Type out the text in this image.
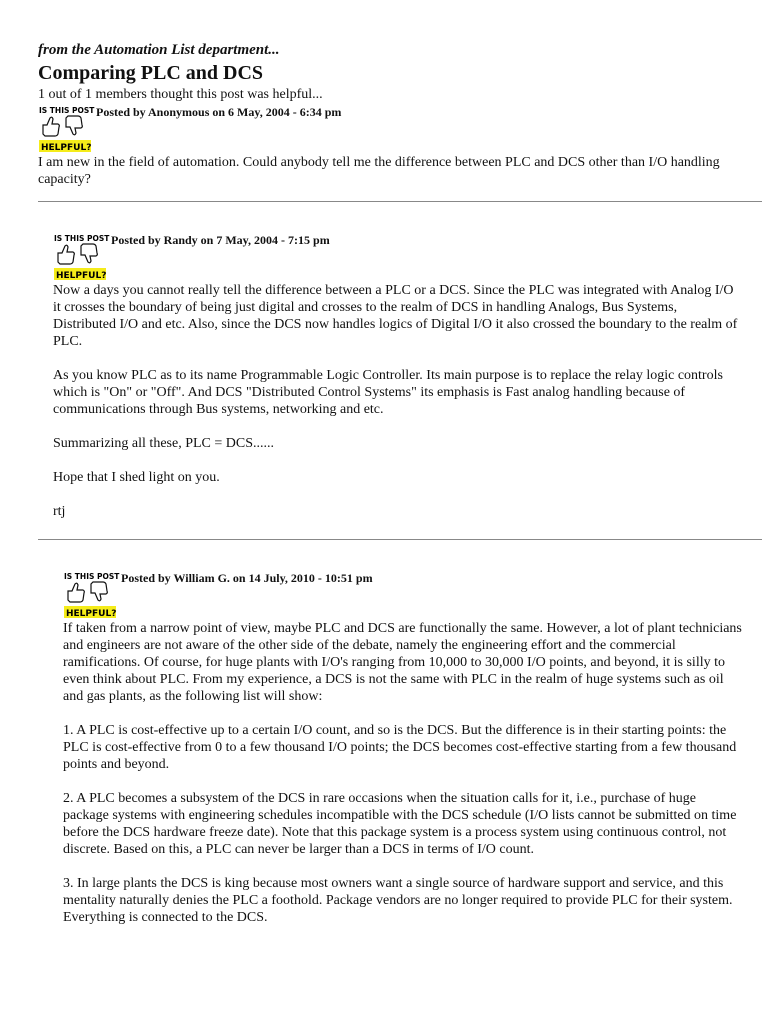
from the Automation List department...

Comparing PLC and DCS

1 out of 1 members thought this post was helpful...

IS THIS POST
HELPFUL?
Posted by Anonymous on 6 May, 2004 - 6:34 pm

I am new in the field of automation. Could anybody tell me the difference between PLC and DCS other than I/O handling capacity?

IS THIS POST
HELPFUL?
Posted by Randy on 7 May, 2004 - 7:15 pm

Now a days you cannot really tell the difference between a PLC or a DCS. Since the PLC was integrated with Analog I/O it crosses the boundary of being just digital and crosses to the realm of DCS in handling Analogs, Bus Systems, Distributed I/O and etc. Also, since the DCS now handles logics of Digital I/O it also crossed the boundary to the realm of PLC.

As you know PLC as to its name Programmable Logic Controller. Its main purpose is to replace the relay logic controls which is "On" or "Off". And DCS "Distributed Control Systems" its emphasis is Fast analog handling because of communications through Bus systems, networking and etc.

Summarizing all these, PLC = DCS......

Hope that I shed light on you.

rtj

IS THIS POST
HELPFUL?
Posted by William G. on 14 July, 2010 - 10:51 pm

If taken from a narrow point of view, maybe PLC and DCS are functionally the same. However, a lot of plant technicians and engineers are not aware of the other side of the debate, namely the engineering effort and the commercial ramifications. Of course, for huge plants with I/O's ranging from 10,000 to 30,000 I/O points, and beyond, it is silly to even think about PLC. From my experience, a DCS is not the same with PLC in the realm of huge systems such as oil and gas plants, as the following list will show:

1. A PLC is cost-effective up to a certain I/O count, and so is the DCS. But the difference is in their starting points: the PLC is cost-effective from 0 to a few thousand I/O points; the DCS becomes cost-effective starting from a few thousand points and beyond.

2. A PLC becomes a subsystem of the DCS in rare occasions when the situation calls for it, i.e., purchase of huge package systems with engineering schedules incompatible with the DCS schedule (I/O lists cannot be submitted on time before the DCS hardware freeze date). Note that this package system is a process system using continuous control, not discrete. Based on this, a PLC can never be larger than a DCS in terms of I/O count.

3. In large plants the DCS is king because most owners want a single source of hardware support and service, and this mentality naturally denies the PLC a foothold. Package vendors are no longer required to provide PLC for their system. Everything is connected to the DCS.
